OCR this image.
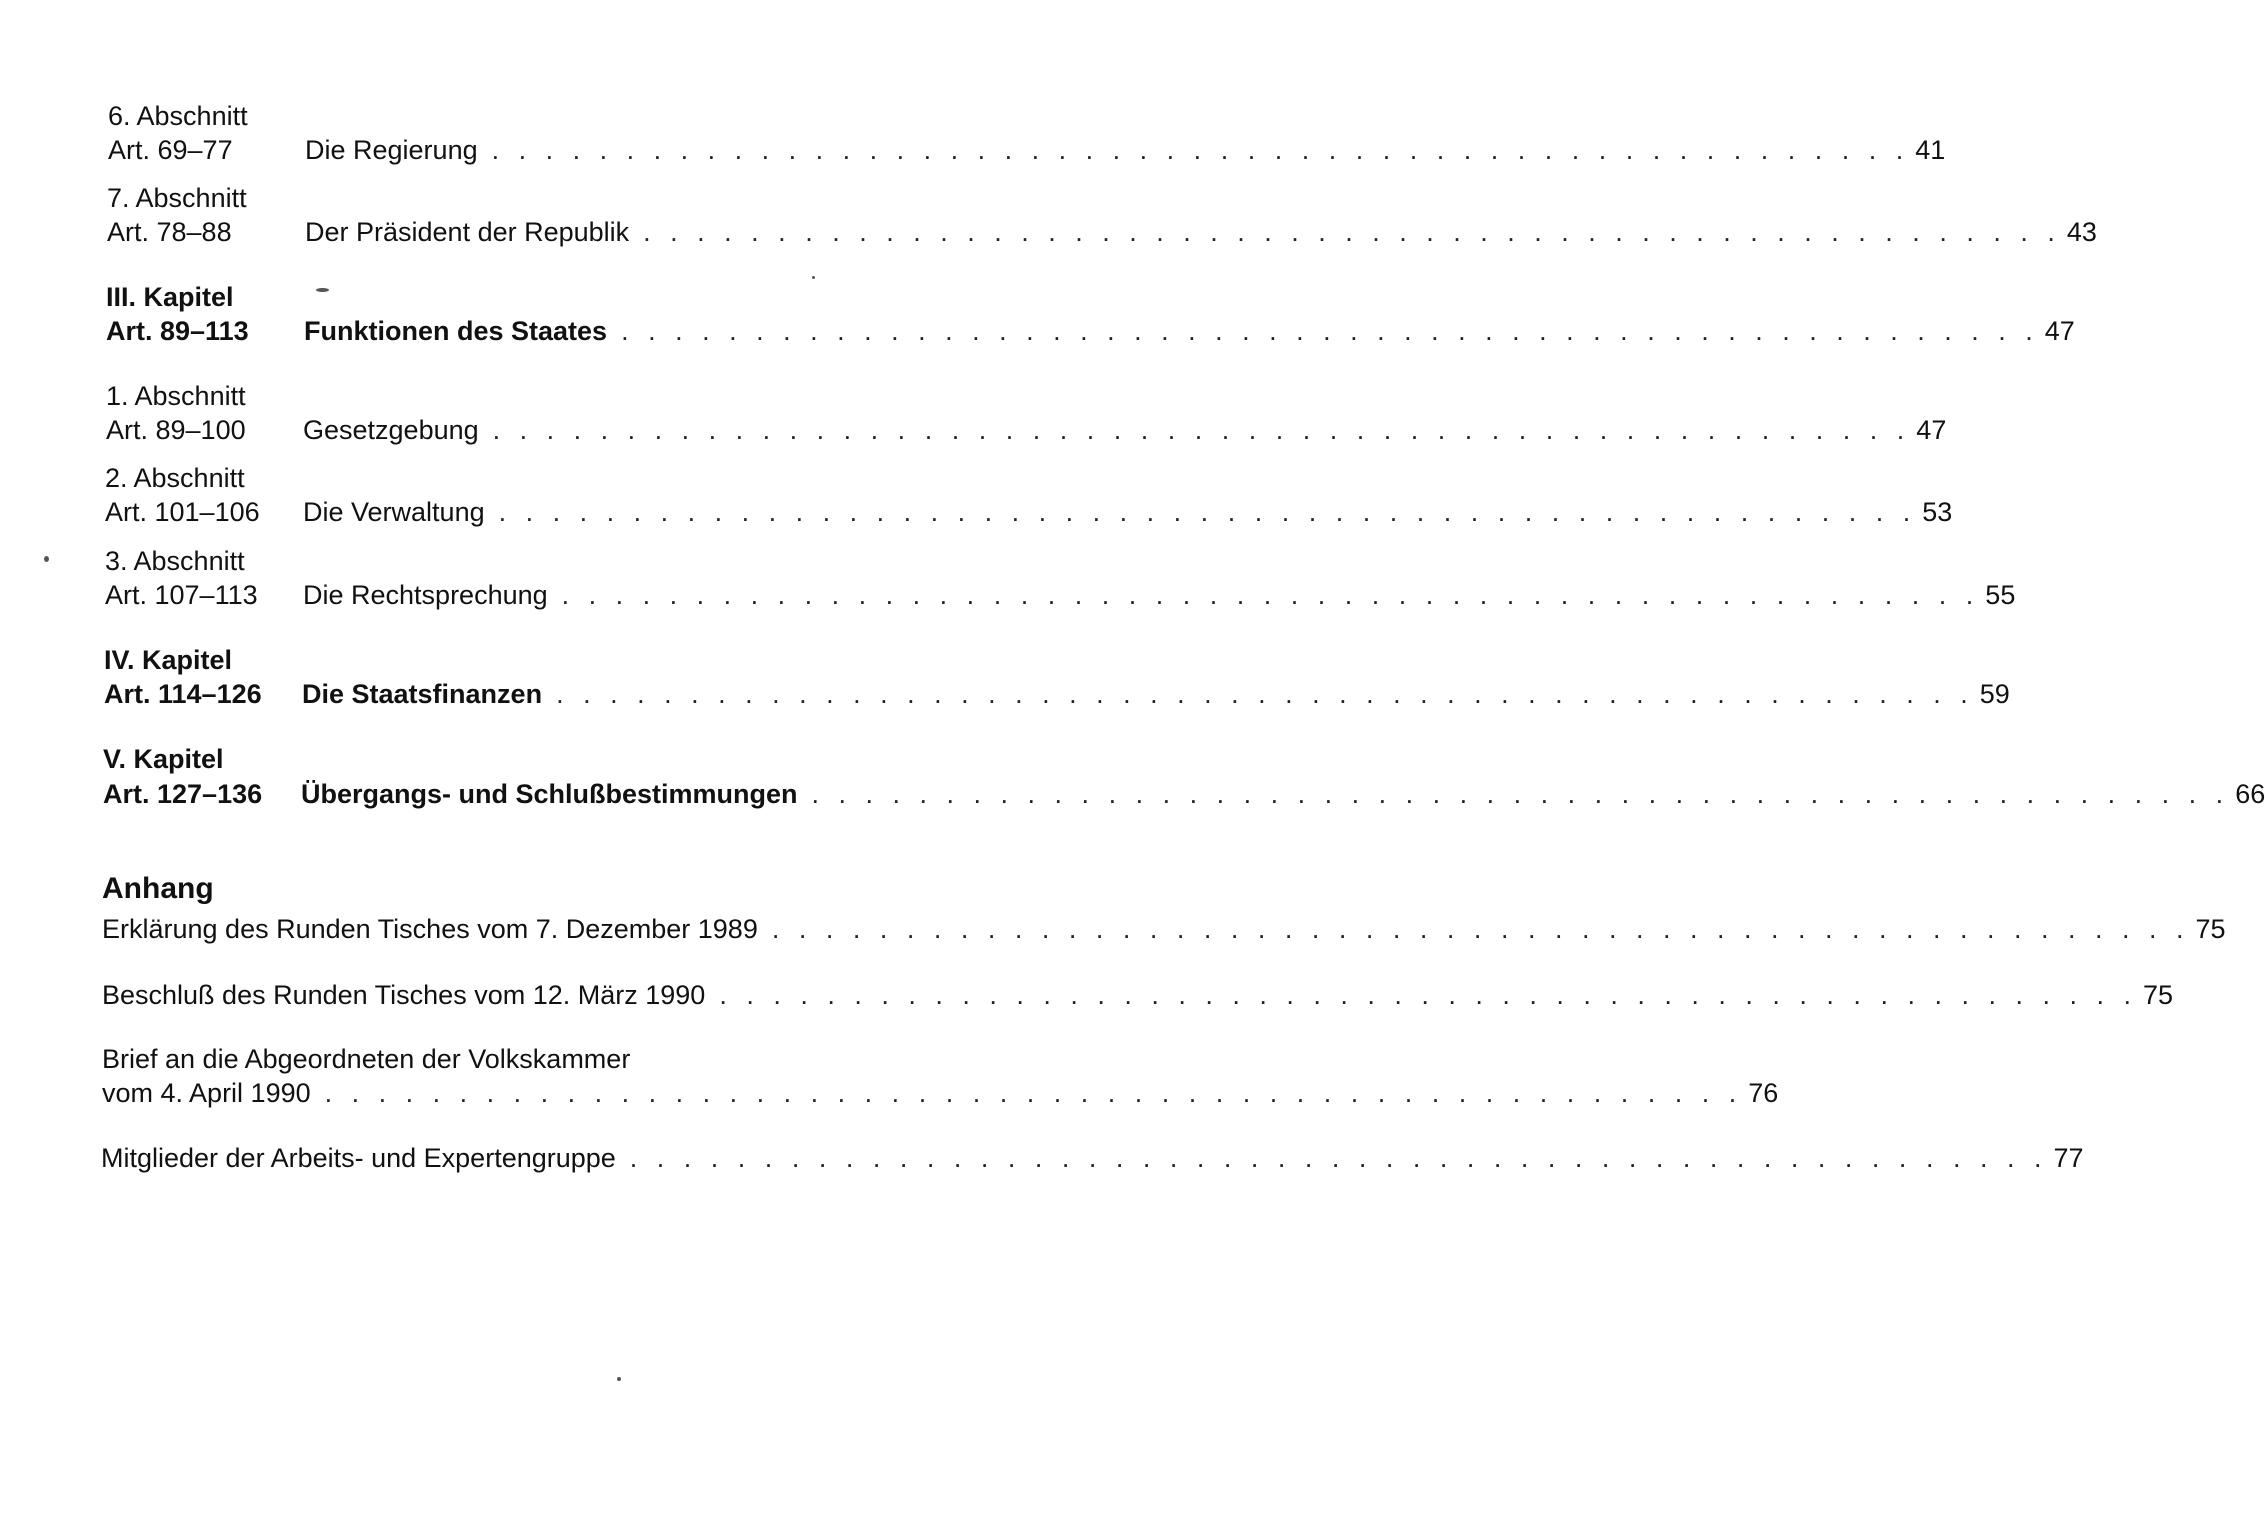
6. Abschnitt
Art. 69–77	Die Regierung . . . . . . . . . . . . . . . . . . . . . . . . . . . . . . . . . . . . . . . . . . . . . . . . . . . . . 41
7. Abschnitt
Art. 78–88	Der Präsident der Republik . . . . . . . . . . . . . . . . . . . . . . . . . . . . . . . . . . . . . . . . . . . . . . . . . . . . . 43
III. Kapitel
Art. 89–113	Funktionen des Staates . . . . . . . . . . . . . . . . . . . . . . . . . . . . . . . . . . . . . . . . . . . . . . . . . . . . . 47
1. Abschnitt
Art. 89–100	Gesetzgebung . . . . . . . . . . . . . . . . . . . . . . . . . . . . . . . . . . . . . . . . . . . . . . . . . . . . . 47
2. Abschnitt
Art. 101–106	Die Verwaltung . . . . . . . . . . . . . . . . . . . . . . . . . . . . . . . . . . . . . . . . . . . . . . . . . . . . . 53
3. Abschnitt
Art. 107–113	Die Rechtsprechung . . . . . . . . . . . . . . . . . . . . . . . . . . . . . . . . . . . . . . . . . . . . . . . . . . . . . 55
IV. Kapitel
Art. 114–126	Die Staatsfinanzen . . . . . . . . . . . . . . . . . . . . . . . . . . . . . . . . . . . . . . . . . . . . . . . . . . . . . 59
V. Kapitel
Art. 127–136	Übergangs- und Schlußbestimmungen . . . . . . . . . . . . . . . . . . . . . . . . . . . . . . . . . . . . . . . . . . . . . . . . . . . . . 66
Anhang
Erklärung des Runden Tisches vom 7. Dezember 1989 . . . . . . . . . . . . . . . . . . . . . . . . . . . . . . . . . . . . . . . . . . . . . . . . . . . . . 75
Beschluß des Runden Tisches vom 12. März 1990 . . . . . . . . . . . . . . . . . . . . . . . . . . . . . . . . . . . . . . . . . . . . . . . . . . . . . 75
Brief an die Abgeordneten der Volkskammer
vom 4. April 1990 . . . . . . . . . . . . . . . . . . . . . . . . . . . . . . . . . . . . . . . . . . . . . . . . . . . . . 76
Mitglieder der Arbeits- und Expertengruppe . . . . . . . . . . . . . . . . . . . . . . . . . . . . . . . . . . . . . . . . . . . . . . . . . . . . . 77
